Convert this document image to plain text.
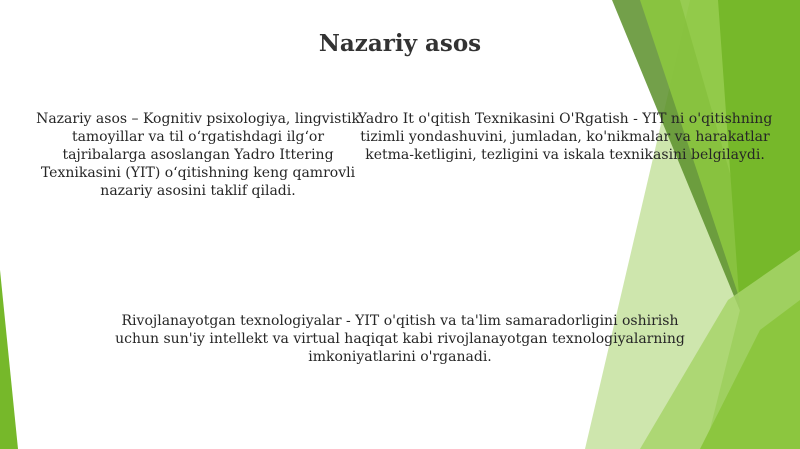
Nazariy asos

Nazariy asos – Kognitiv psixologiya, lingvistik tamoyillar va til o‘rgatishdagi ilg‘or tajribalarga asoslangan Yadro Ittering Texnikasini (YIT) o‘qitishning keng qamrovli nazariy asosini taklif qiladi.

Yadro It o'qitish Texnikasini O'Rgatish - YIT ni o'qitishning tizimli yondashuvini, jumladan, ko'nikmalar va harakatlar ketma-ketligini, tezligini va iskala texnikasini belgilaydi.

Rivojlanayotgan texnologiyalar - YIT o'qitish va ta'lim samaradorligini oshirish uchun sun'iy intellekt va virtual haqiqat kabi rivojlanayotgan texnologiyalarning imkoniyatlarini o'rganadi.
